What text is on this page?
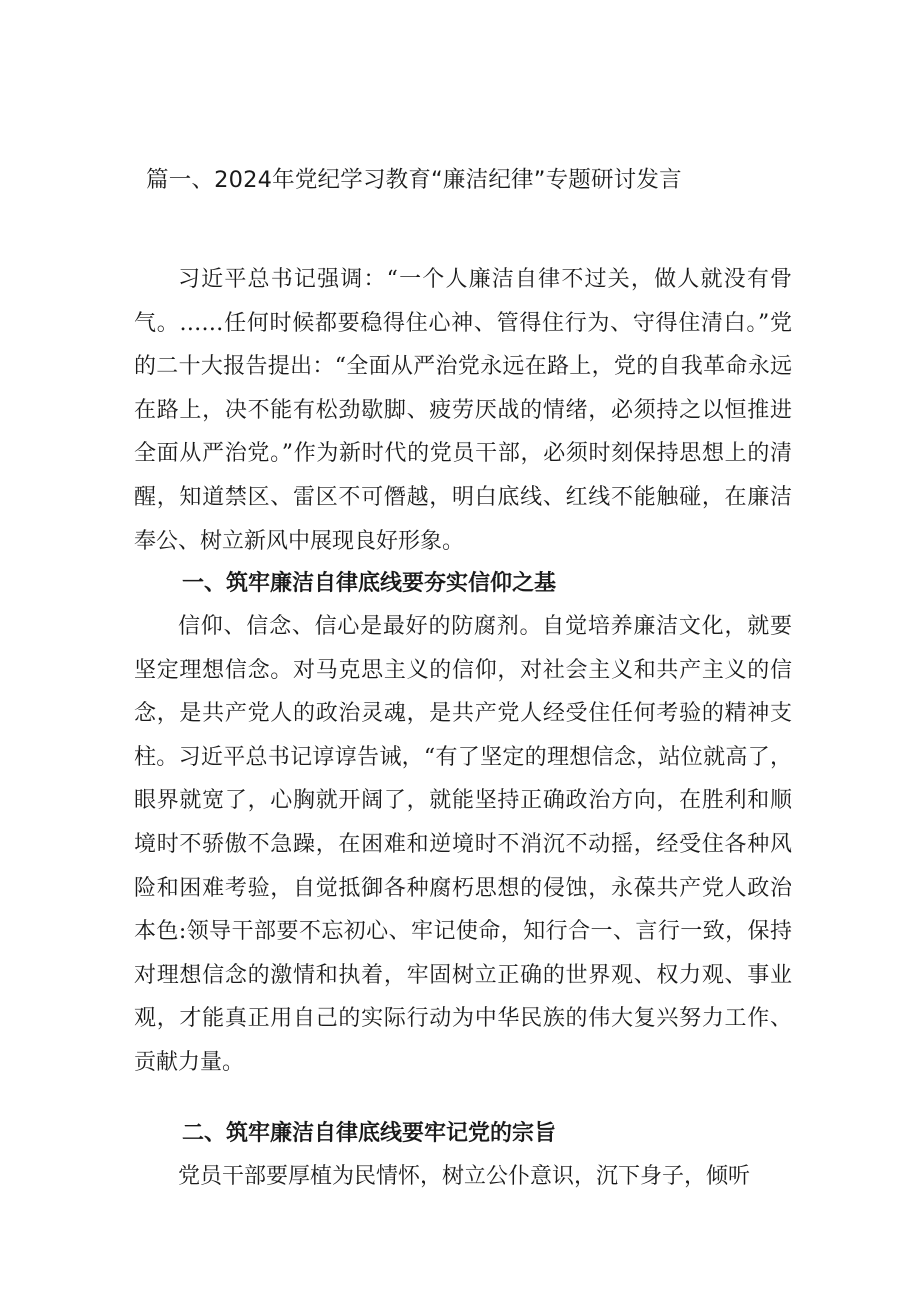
篇一、2024年党纪学习教育“廉洁纪律”专题研讨发言

习近平总书记强调：“一个人廉洁自律不过关，做人就没有骨气。……任何时候都要稳得住心神、管得住行为、守得住清白。”党的二十大报告提出：“全面从严治党永远在路上，党的自我革命永远在路上，决不能有松劲歇脚、疲劳厌战的情绪，必须持之以恒推进全面从严治党。”作为新时代的党员干部，必须时刻保持思想上的清醒，知道禁区、雷区不可僭越，明白底线、红线不能触碰，在廉洁奉公、树立新风中展现良好形象。

一、筑牢廉洁自律底线要夯实信仰之基

信仰、信念、信心是最好的防腐剂。自觉培养廉洁文化，就要坚定理想信念。对马克思主义的信仰，对社会主义和共产主义的信念，是共产党人的政治灵魂，是共产党人经受住任何考验的精神支柱。习近平总书记谆谆告诫，“有了坚定的理想信念，站位就高了，眼界就宽了，心胸就开阔了，就能坚持正确政治方向，在胜利和顺境时不骄傲不急躁，在困难和逆境时不消沉不动摇，经受住各种风险和困难考验，自觉抵御各种腐朽思想的侵蚀，永葆共产党人政治本色:领导干部要不忘初心、牢记使命，知行合一、言行一致，保持对理想信念的激情和执着，牢固树立正确的世界观、权力观、事业观，才能真正用自己的实际行动为中华民族的伟大复兴努力工作、贡献力量。

二、筑牢廉洁自律底线要牢记党的宗旨

党员干部要厚植为民情怀，树立公仆意识，沉下身子，倾听
